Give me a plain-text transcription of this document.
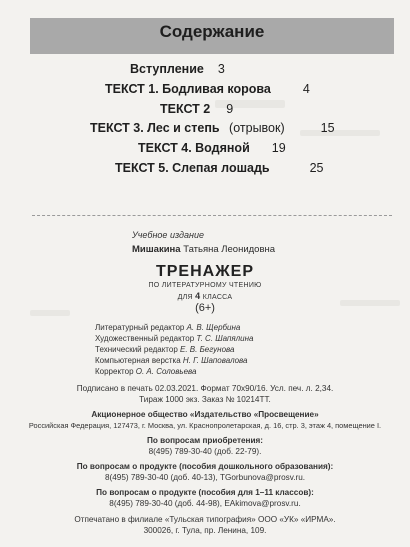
Содержание
Вступление 3
ТЕКСТ 1. Бодливая корова	4
ТЕКСТ 2 9
ТЕКСТ 3. Лес и степь (отрывок)	15
ТЕКСТ 4. Водяной 19
ТЕКСТ 5. Слепая лошадь	25
Учебное издание
Мишакина Татьяна Леонидовна
ТРЕНАЖЕР
ПО ЛИТЕРАТУРНОМУ ЧТЕНИЮ
ДЛЯ 4 КЛАССА
(6+)
Литературный редактор А. В. Щербина
Художественный редактор Т. С. Шапялина
Технический редактор Е. В. Бегунова
Компьютерная верстка Н. Г. Шаповалова
Корректор О. А. Соловьева
Подписано в печать 02.03.2021. Формат 70х90/16. Усл. печ. л. 2,34.
Тираж 1000 экз. Заказ № 10214ТТ.
Акционерное общество «Издательство «Просвещение»
Российская Федерация, 127473, г. Москва, ул. Краснопролетарская, д. 16, стр. 3, этаж 4, помещение I.
По вопросам приобретения:
8(495) 789-30-40 (доб. 22-79).
По вопросам о продукте (пособия дошкольного образования):
8(495) 789-30-40 (доб. 40-13), TGorbunova@prosv.ru.
По вопросам о продукте (пособия для 1–11 классов):
8(495) 789-30-40 (доб. 44-98), EAkimova@prosv.ru.
Отпечатано в филиале «Тульская типография» ООО «УК» «ИРМА».
300026, г. Тула, пр. Ленина, 109.
